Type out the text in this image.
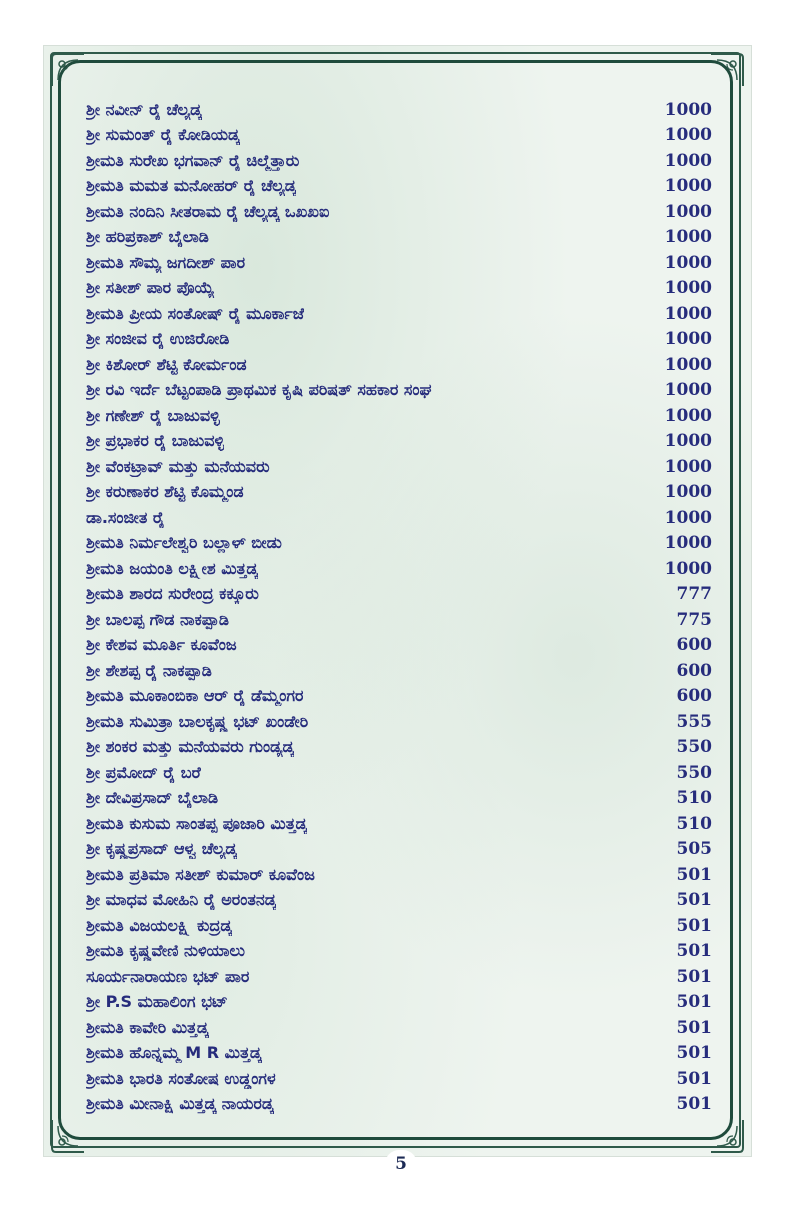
ಶ್ರೀ ನವೀನ್ ರೈ ಚೆಲ್ಯಡ್ಕ	1000
ಶ್ರೀ ಸುಮಂತ್ ರೈ ಕೋಡಿಯಡ್ಕ	1000
ಶ್ರೀಮತಿ ಸುರೇಖ ಭಗವಾನ್ ರೈ ಚಿಲ್ಮೆತ್ತಾರು	1000
ಶ್ರೀಮತಿ ಮಮತ ಮನೋಹರ್ ರೈ ಚೆಲ್ಯಡ್ಕ	1000
ಶ್ರೀಮತಿ ನಂದಿನಿ ಸೀತರಾಮ ರೈ ಚೆಲ್ಯಡ್ಕ ಒಖಖಐ	1000
ಶ್ರೀ ಹರಿಪ್ರಕಾಶ್ ಬೈಲಾಡಿ	1000
ಶ್ರೀಮತಿ ಸೌಮ್ಯ ಜಗದೀಶ್ ಪಾರ	1000
ಶ್ರೀ ಸತೀಶ್ ಪಾರ ಪೊಯ್ಯೆ	1000
ಶ್ರೀಮತಿ ಪ್ರೀಯ ಸಂತೋಷ್ ರೈ ಮೂರ್ಕಾಜೆ	1000
ಶ್ರೀ ಸಂಜೀವ ರೈ ಉಜಿರೋಡಿ	1000
ಶ್ರೀ ಕಿಶೋರ್ ಶೆಟ್ಟಿ ಕೋರ್ಮಂಡ	1000
ಶ್ರೀ ರವಿ ಇರ್ದೆ ಬೆಟ್ಟಂಪಾಡಿ ಪ್ರಾಥಮಿಕ ಕೃಷಿ ಪರಿಷತ್ ಸಹಕಾರ ಸಂಘ	1000
ಶ್ರೀ ಗಣೇಶ್ ರೈ ಬಾಜುವಳ್ಳಿ	1000
ಶ್ರೀ ಪ್ರಭಾಕರ ರೈ ಬಾಜುವಳ್ಳಿ	1000
ಶ್ರೀ ವೆಂಕಟ್ರಾವ್ ಮತ್ತು ಮನೆಯವರು	1000
ಶ್ರೀ ಕರುಣಾಕರ ಶೆಟ್ಟಿ ಕೊಮ್ಮಂಡ	1000
ಡಾ.ಸಂಜೀತ ರೈ	1000
ಶ್ರೀಮತಿ ನಿರ್ಮಲೇಶ್ವರಿ ಬಲ್ಲಾಳ್ ಬೀಡು	1000
ಶ್ರೀಮತಿ ಜಯಂತಿ ಲಕ್ಷ್ಮೀಶ ಮಿತ್ತಡ್ಕ	1000
ಶ್ರೀಮತಿ ಶಾರದ ಸುರೇಂದ್ರ ಕಕ್ಕೂರು	777
ಶ್ರೀ ಬಾಲಪ್ಪ ಗೌಡ ನಾಕಪ್ಪಾಡಿ	775
ಶ್ರೀ ಕೇಶವ ಮೂರ್ತಿ ಕೂವೆಂಜ	600
ಶ್ರೀ ಶೇಶಪ್ಪ ರೈ ನಾಕಪ್ಪಾಡಿ	600
ಶ್ರೀಮತಿ ಮೂಕಾಂಬಿಕಾ ಆರ್ ರೈ ಡೆಮ್ಮಂಗರ	600
ಶ್ರೀಮತಿ ಸುಮಿತ್ರಾ ಬಾಲಕೃಷ್ಣ ಭಟ್ ಖಂಡೇರಿ	555
ಶ್ರೀ ಶಂಕರ ಮತ್ತು ಮನೆಯವರು ಗುಂಡ್ಯಡ್ಕ	550
ಶ್ರೀ ಪ್ರಮೋದ್ ರೈ ಬರೆ	550
ಶ್ರೀ ದೇವಿಪ್ರಸಾದ್ ಬೈಲಾಡಿ	510
ಶ್ರೀಮತಿ ಕುಸುಮ ಸಾಂತಪ್ಪ ಪೂಜಾರಿ ಮಿತ್ತಡ್ಕ	510
ಶ್ರೀ ಕೃಷ್ಣಪ್ರಸಾದ್ ಆಳ್ವ ಚೆಲ್ಯಡ್ಕ	505
ಶ್ರೀಮತಿ ಪ್ರತಿಮಾ ಸತೀಶ್ ಕುಮಾರ್ ಕೂವೆಂಜ	501
ಶ್ರೀ ಮಾಧವ ಮೋಹಿನಿ ರೈ ಅರಂತನಡ್ಕ	501
ಶ್ರೀಮತಿ ವಿಜಯಲಕ್ಷ್ಮಿ ಕುದ್ರಡ್ಕ	501
ಶ್ರೀಮತಿ ಕೃಷ್ಣವೇಣಿ ನುಳಿಯಾಲು	501
ಸೂರ್ಯನಾರಾಯಣ ಭಟ್ ಪಾರ	501
ಶ್ರೀ P.S ಮಹಾಲಿಂಗ ಭಟ್	501
ಶ್ರೀಮತಿ ಕಾವೇರಿ ಮಿತ್ತಡ್ಕ	501
ಶ್ರೀಮತಿ ಹೊನ್ನಮ್ಮ M R ಮಿತ್ತಡ್ಕ	501
ಶ್ರೀಮತಿ ಭಾರತಿ ಸಂತೋಷ ಉಡ್ಡಂಗಳ	501
ಶ್ರೀಮತಿ ಮೀನಾಕ್ಷಿ ಮಿತ್ತಡ್ಕ ನಾಯರಡ್ಕ	501
5
